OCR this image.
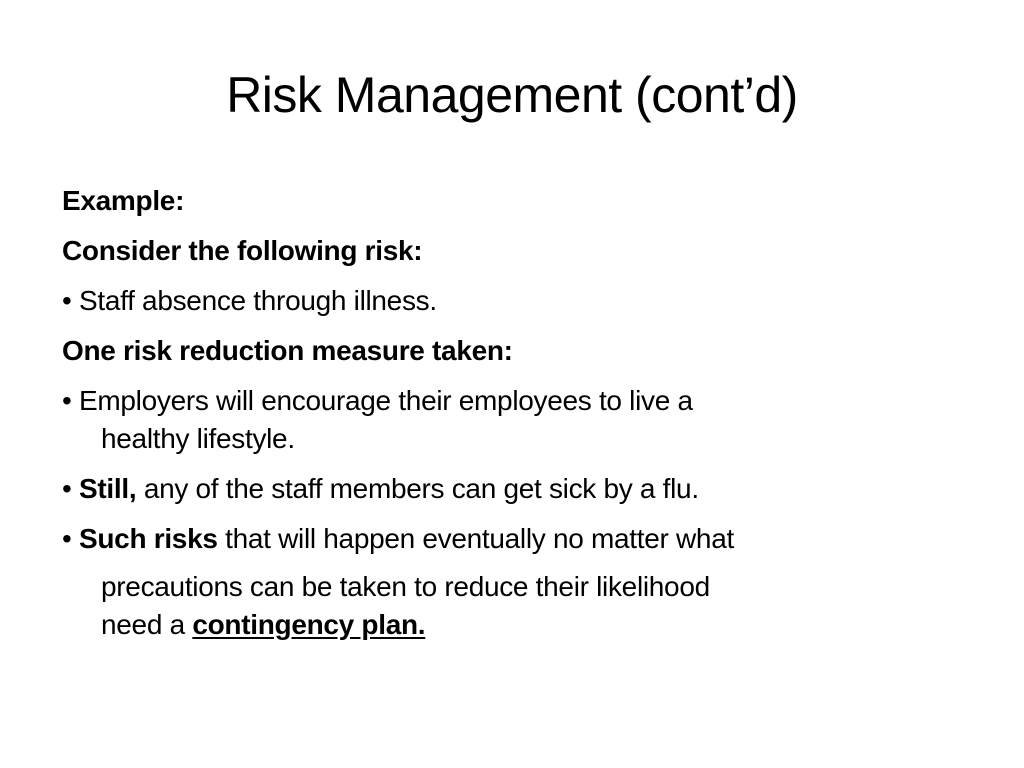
Risk Management (cont’d)
Example:
Consider the following risk:
• Staff absence through illness.
One risk reduction measure taken:
• Employers will encourage their employees to live a
healthy lifestyle.
• Still, any of the staff members can get sick by a flu.
• Such risks that will happen eventually no matter what
precautions can be taken to reduce their likelihood
need a contingency plan.
